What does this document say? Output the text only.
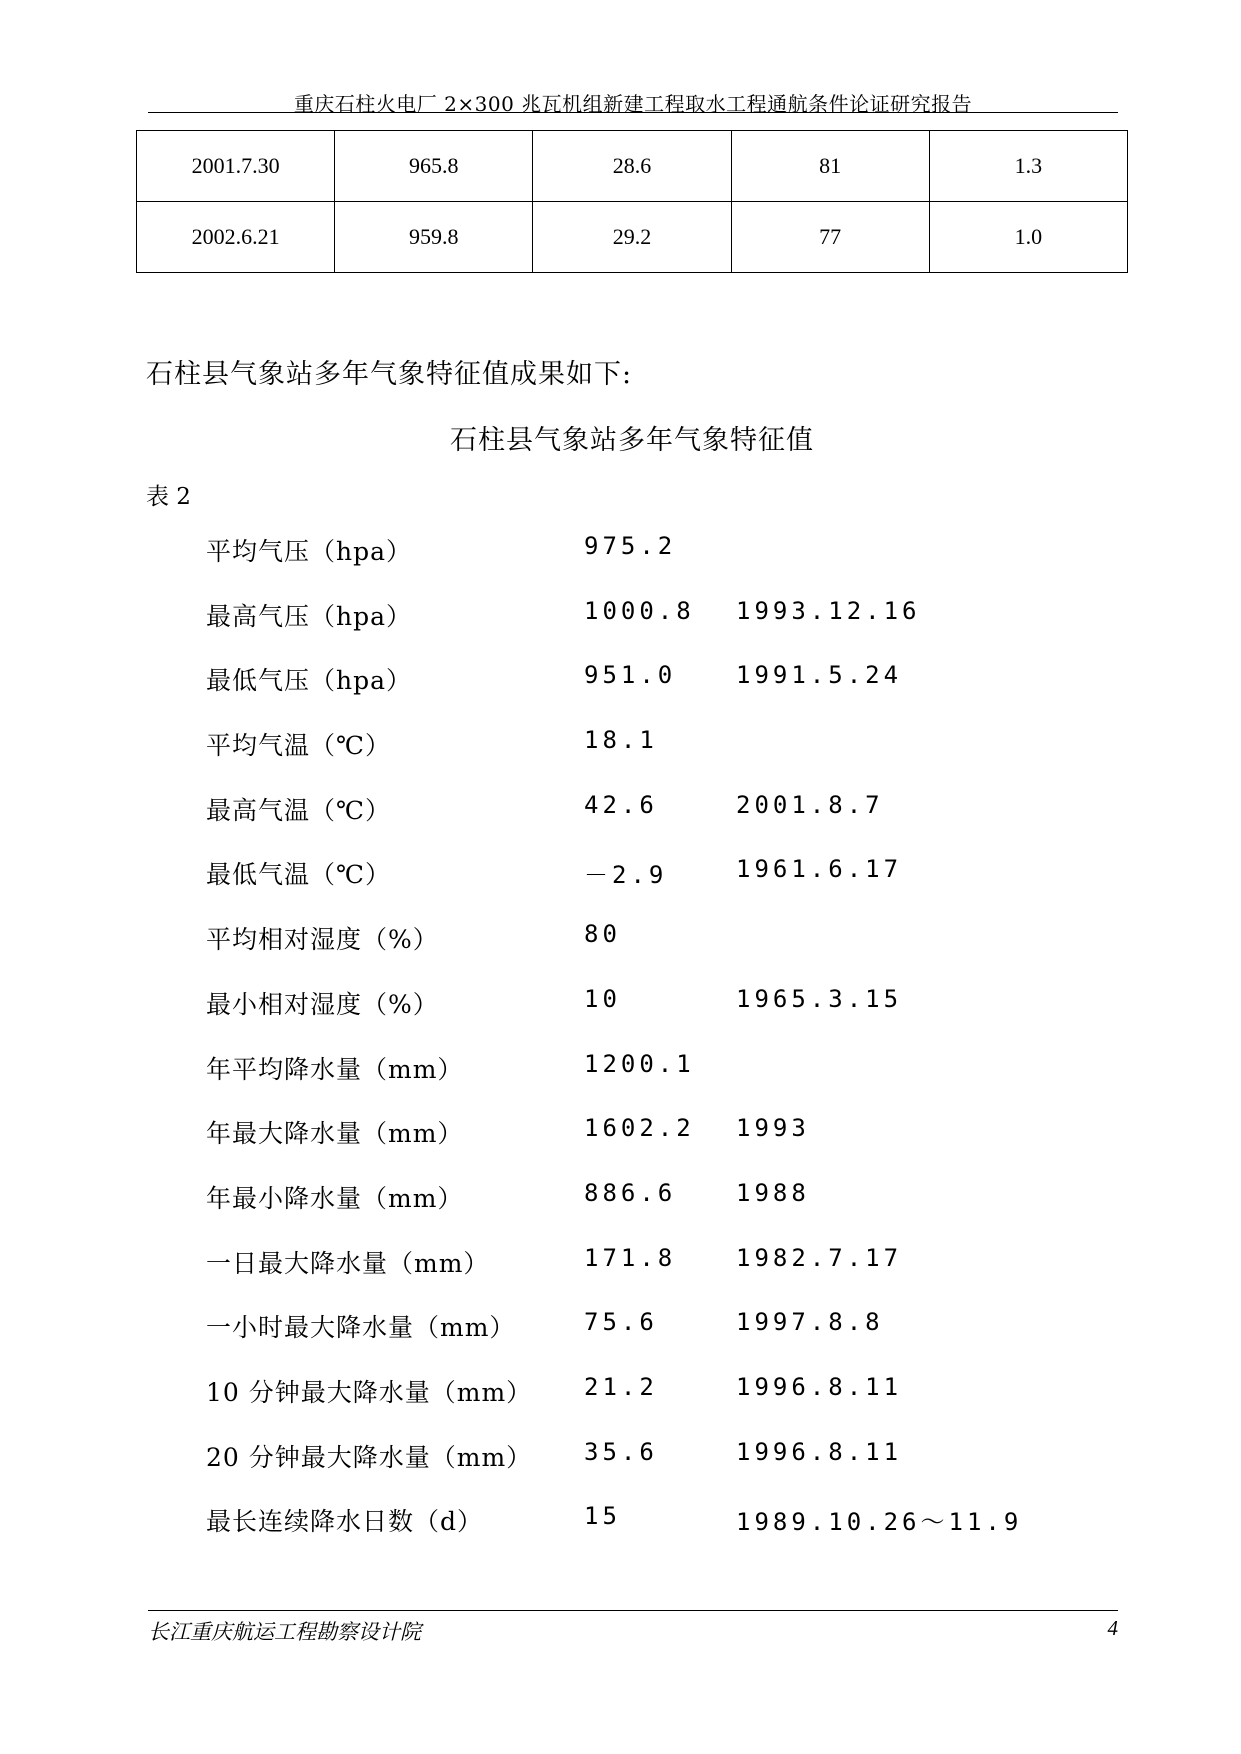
重庆石柱火电厂 2×300 兆瓦机组新建工程取水工程通航条件论证研究报告
2001.7.30	965.8	28.6	81	1.3
2002.6.21	959.8	29.2	77	1.0
石柱县气象站多年气象特征值成果如下:
石柱县气象站多年气象特征值
表 2
平均气压（hpa）	975.2
最高气压（hpa）	1000.8 1993.12.16
最低气压（hpa）	951.0 1991.5.24
平均气温（℃）	18.1
最高气温（℃）	42.6	2001.8.7
最低气温（℃）	－2.9	1961.6.17
平均相对湿度（%）	80
最小相对湿度（%）	10	1965.3.15
年平均降水量（mm）	1200.1
年最大降水量（mm）	1602.2 1993
年最小降水量（mm）	886.6 1988
一日最大降水量（mm）	171.8 1982.7.17
一小时最大降水量（mm）	75.6	1997.8.8
10 分钟最大降水量（mm） 21.2	1996.8.11
20 分钟最大降水量（mm） 35.6	1996.8.11
最长连续降水日数（d）	15	1989.10.26～11.9
长江重庆航运工程勘察设计院	4
